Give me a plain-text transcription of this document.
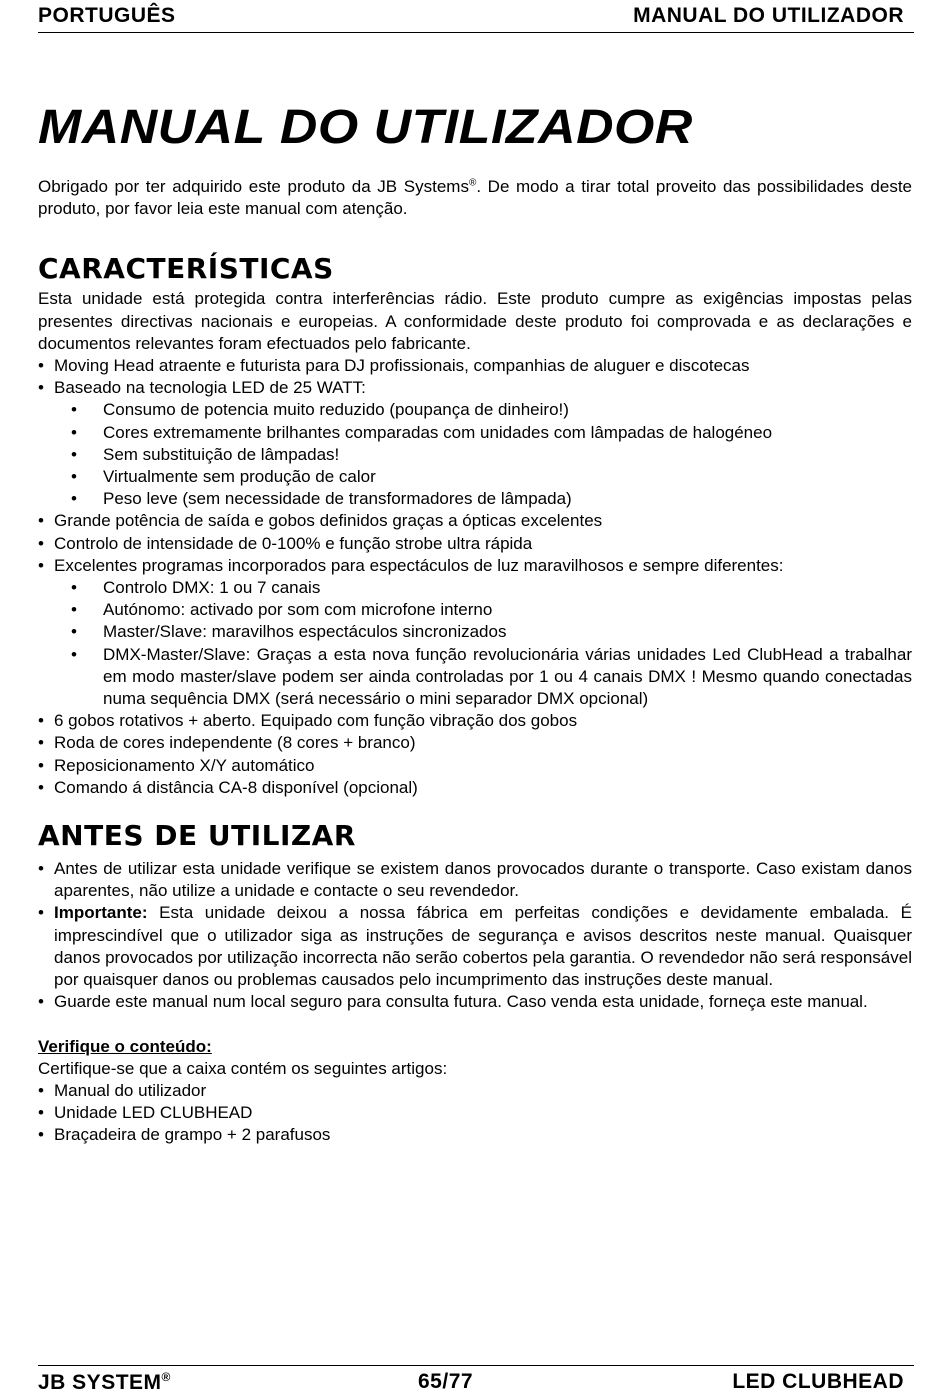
PORTUGUÊS	MANUAL DO UTILIZADOR
MANUAL DO UTILIZADOR

Obrigado por ter adquirido este produto da JB Systems®. De modo a tirar total proveito das possibilidades deste produto, por favor leia este manual com atenção.

CARACTERÍSTICAS

Esta unidade está protegida contra interferências rádio. Este produto cumpre as exigências impostas pelas presentes directivas nacionais e europeias. A conformidade deste produto foi comprovada e as declarações e documentos relevantes foram efectuados pelo fabricante.

• Moving Head atraente e futurista para DJ profissionais, companhias de aluguer e discotecas
• Baseado na tecnologia LED de 25 WATT:
• Consumo de potencia muito reduzido (poupança de dinheiro!)
• Cores extremamente brilhantes comparadas com unidades com lâmpadas de halogéneo
• Sem substituição de lâmpadas!
• Virtualmente sem produção de calor
• Peso leve (sem necessidade de transformadores de lâmpada)
• Grande potência de saída e gobos definidos graças a ópticas excelentes
• Controlo de intensidade de 0-100% e função strobe ultra rápida
• Excelentes programas incorporados para espectáculos de luz maravilhosos e sempre diferentes:
• Controlo DMX: 1 ou 7 canais
• Autónomo: activado por som com microfone interno
• Master/Slave: maravilhos espectáculos sincronizados
• DMX-Master/Slave: Graças a esta nova função revolucionária várias unidades Led ClubHead a trabalhar em modo master/slave podem ser ainda controladas por 1 ou 4 canais DMX ! Mesmo quando conectadas numa sequência DMX (será necessário o mini separador DMX opcional)
• 6 gobos rotativos + aberto. Equipado com função vibração dos gobos
• Roda de cores independente (8 cores + branco)
• Reposicionamento X/Y automático
• Comando á distância CA-8 disponível (opcional)
ANTES DE UTILIZAR
• Antes de utilizar esta unidade verifique se existem danos provocados durante o transporte. Caso existam danos aparentes, não utilize a unidade e contacte o seu revendedor.
• Importante: Esta unidade deixou a nossa fábrica em perfeitas condições e devidamente embalada. É imprescindível que o utilizador siga as instruções de segurança e avisos descritos neste manual. Quaisquer danos provocados por utilização incorrecta não serão cobertos pela garantia. O revendedor não será responsável por quaisquer danos ou problemas causados pelo incumprimento das instruções deste manual.
• Guarde este manual num local seguro para consulta futura. Caso venda esta unidade, forneça este manual.

Verifique o conteúdo:

Certifique-se que a caixa contém os seguintes artigos:

• Manual do utilizador
• Unidade LED CLUBHEAD
• Braçadeira de grampo + 2 parafusos
JB SYSTEM®	65/77	LED CLUBHEAD
